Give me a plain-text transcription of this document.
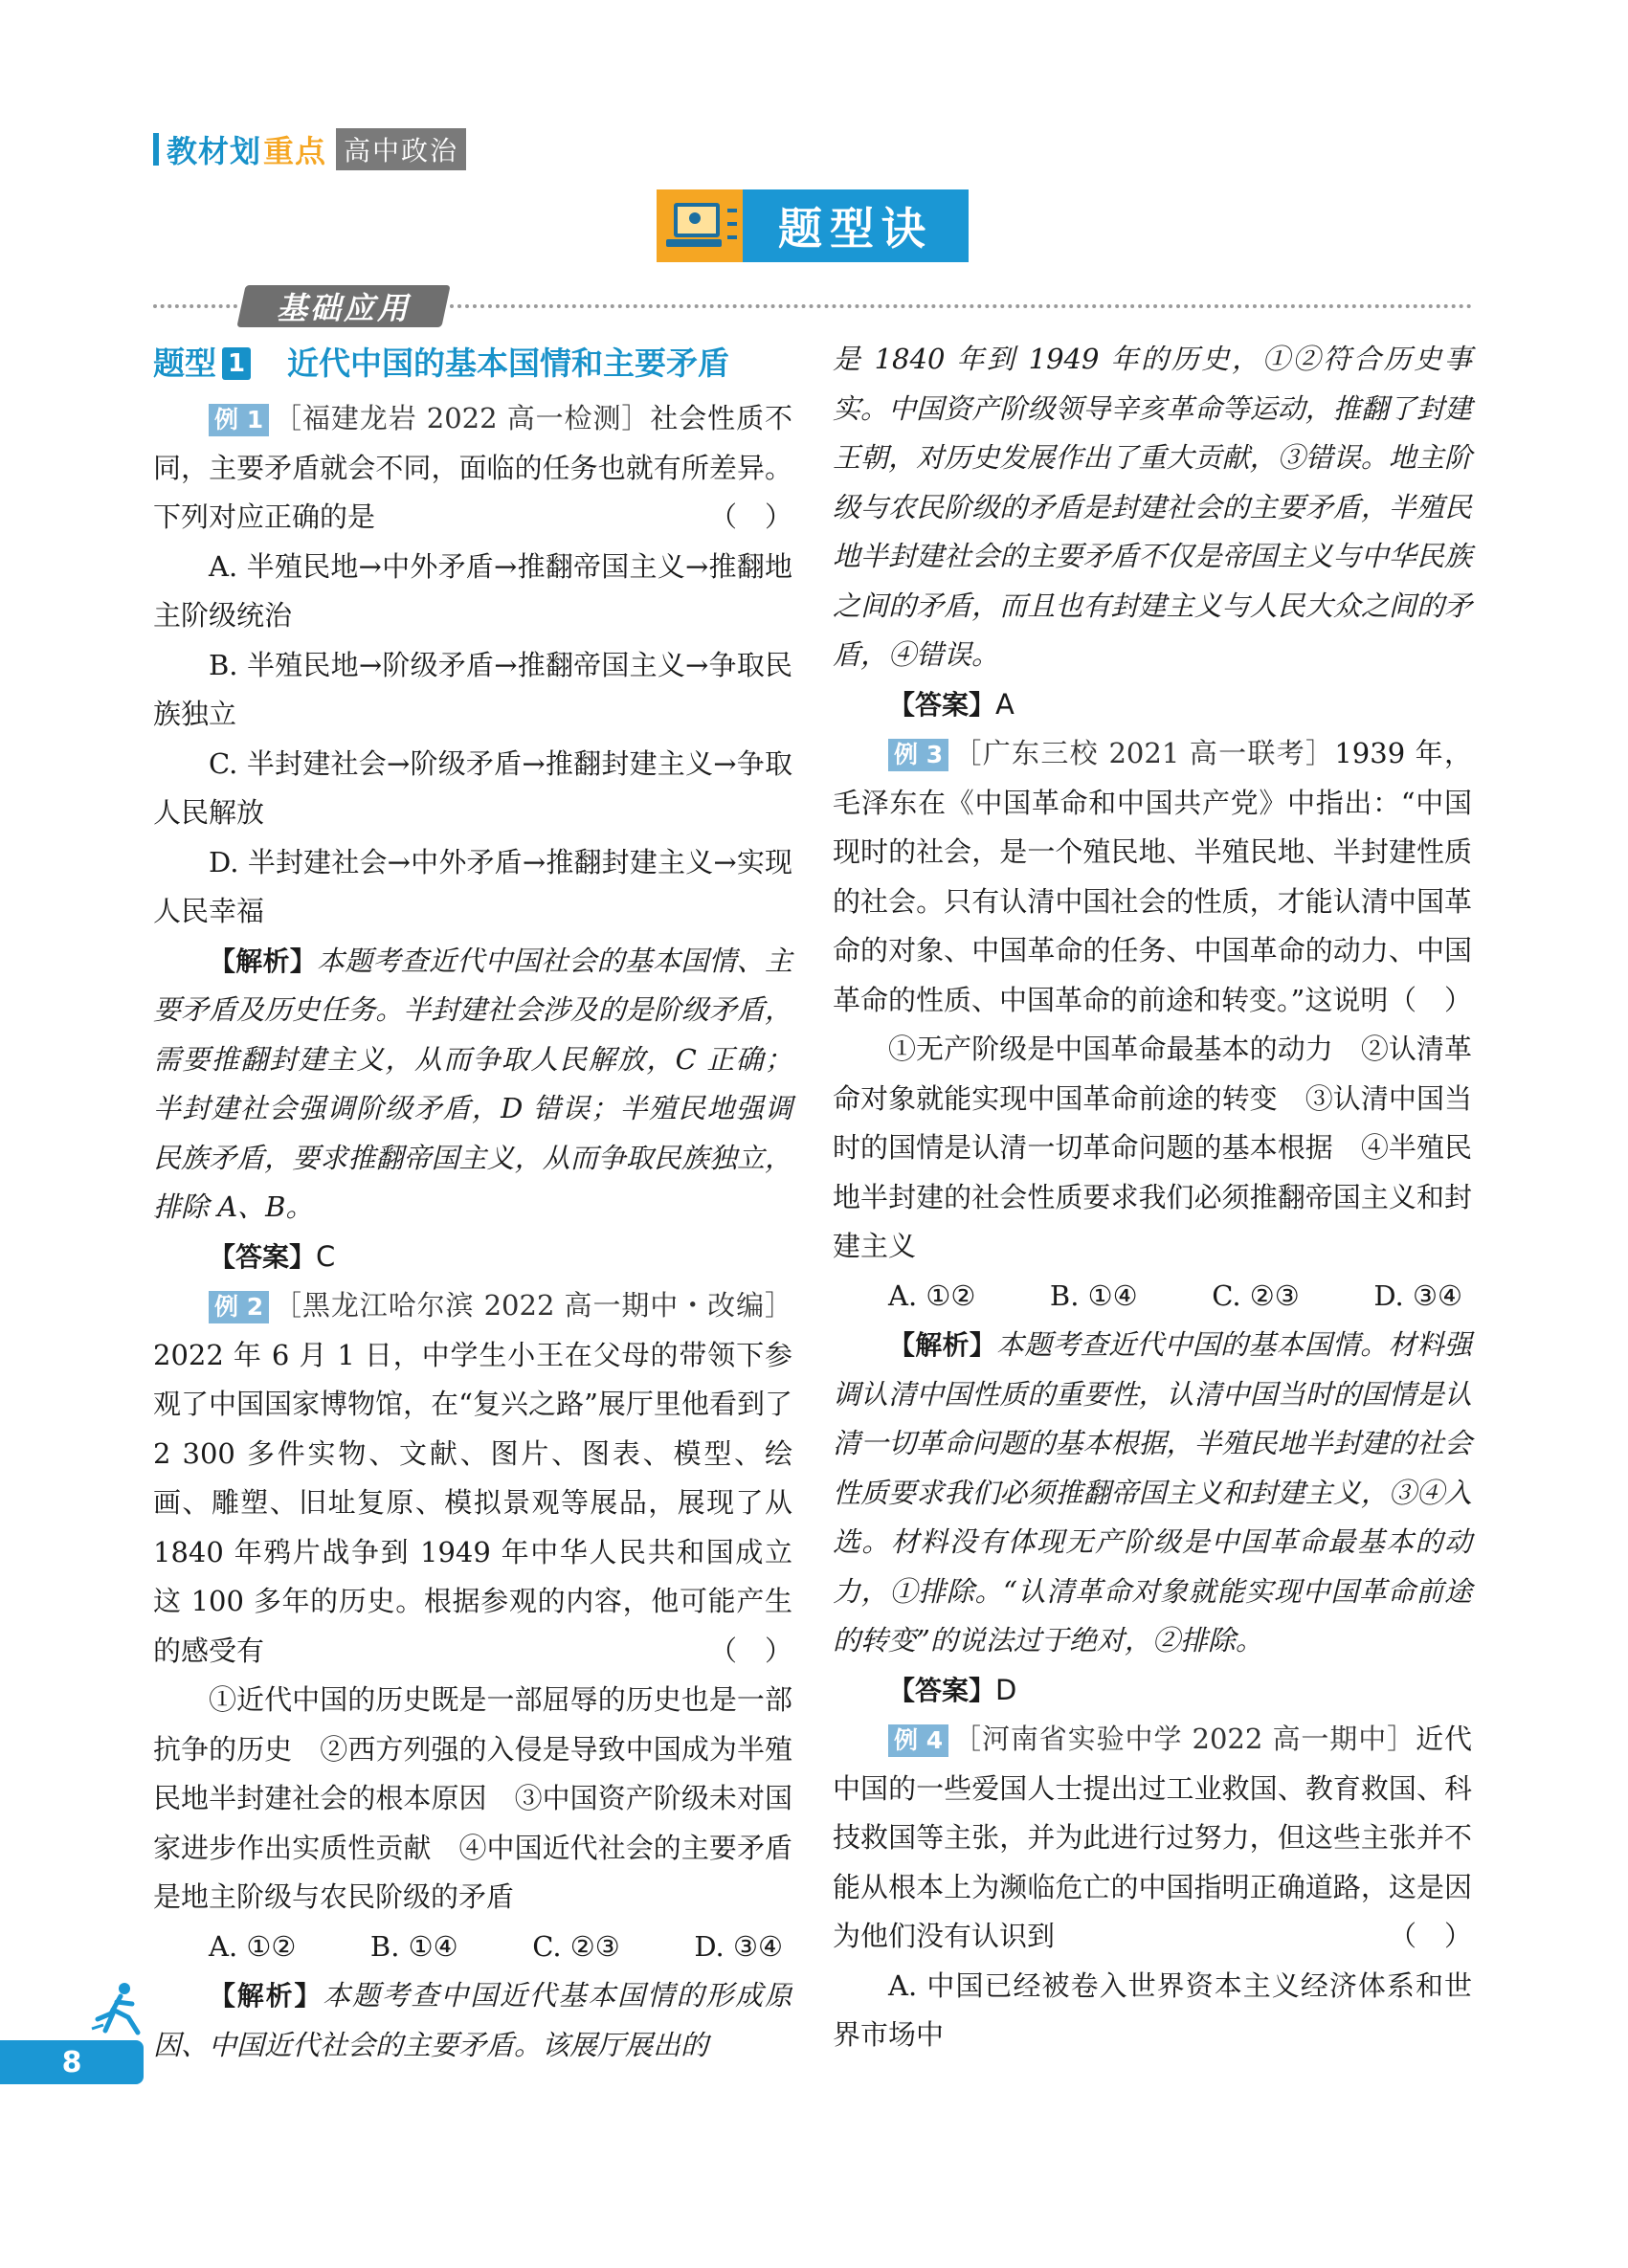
教材划 重点 高中政治
题型诀
基础应用
题型 1 近代中国的基本国情和主要矛盾

例 1 ［福建龙岩 2022 高一检测］社会性质不同，主要矛盾就会不同，面临的任务也就有所差异。下列对应正确的是	（　）

A. 半殖民地→中外矛盾→推翻帝国主义→推翻地主阶级统治

B. 半殖民地→阶级矛盾→推翻帝国主义→争取民族独立

C. 半封建社会→阶级矛盾→推翻封建主义→争取人民解放

D. 半封建社会→中外矛盾→推翻封建主义→实现人民幸福

【解析】本题考查近代中国社会的基本国情、主要矛盾及历史任务。半封建社会涉及的是阶级矛盾，需要推翻封建主义，从而争取人民解放，C 正确；半封建社会强调阶级矛盾，D 错误；半殖民地强调民族矛盾，要求推翻帝国主义，从而争取民族独立，排除 A、B。

【答案】C

例 2 ［黑龙江哈尔滨 2022 高一期中・改编］2022 年 6 月 1 日，中学生小王在父母的带领下参观了中国国家博物馆，在“复兴之路”展厅里他看到了 2 300 多件实物、文献、图片、图表、模型、绘画、雕塑、旧址复原、模拟景观等展品，展现了从 1840 年鸦片战争到 1949 年中华人民共和国成立这 100 多年的历史。根据参观的内容，他可能产生的感受有	（　）

①近代中国的历史既是一部屈辱的历史也是一部抗争的历史　②西方列强的入侵是导致中国成为半殖民地半封建社会的根本原因　③中国资产阶级未对国家进步作出实质性贡献　④中国近代社会的主要矛盾是地主阶级与农民阶级的矛盾

A. ①②	B. ①④	C. ②③	D. ③④

【解析】本题考查中国近代基本国情的形成原因、中国近代社会的主要矛盾。该展厅展出的

是 1840 年到 1949 年的历史，①②符合历史事实。中国资产阶级领导辛亥革命等运动，推翻了封建王朝，对历史发展作出了重大贡献，③错误。地主阶级与农民阶级的矛盾是封建社会的主要矛盾，半殖民地半封建社会的主要矛盾不仅是帝国主义与中华民族之间的矛盾，而且也有封建主义与人民大众之间的矛盾，④错误。

【答案】A

例 3 ［广东三校 2021 高一联考］1939 年，毛泽东在《中国革命和中国共产党》中指出：“中国现时的社会，是一个殖民地、半殖民地、半封建性质的社会。只有认清中国社会的性质，才能认清中国革命的对象、中国革命的任务、中国革命的动力、中国革命的性质、中国革命的前途和转变。”这说明 （　）

①无产阶级是中国革命最基本的动力　②认清革命对象就能实现中国革命前途的转变　③认清中国当时的国情是认清一切革命问题的基本根据　④半殖民地半封建的社会性质要求我们必须推翻帝国主义和封建主义

A. ①②	B. ①④	C. ②③	D. ③④

【解析】本题考查近代中国的基本国情。材料强调认清中国性质的重要性，认清中国当时的国情是认清一切革命问题的基本根据，半殖民地半封建的社会性质要求我们必须推翻帝国主义和封建主义，③④入选。材料没有体现无产阶级是中国革命最基本的动力，①排除。“认清革命对象就能实现中国革命前途的转变”的说法过于绝对，②排除。

【答案】D

例 4 ［河南省实验中学 2022 高一期中］近代中国的一些爱国人士提出过工业救国、教育救国、科技救国等主张，并为此进行过努力，但这些主张并不能从根本上为濒临危亡的中国指明正确道路，这是因为他们没有认识到	（　）

A. 中国已经被卷入世界资本主义经济体系和世界市场中

8
